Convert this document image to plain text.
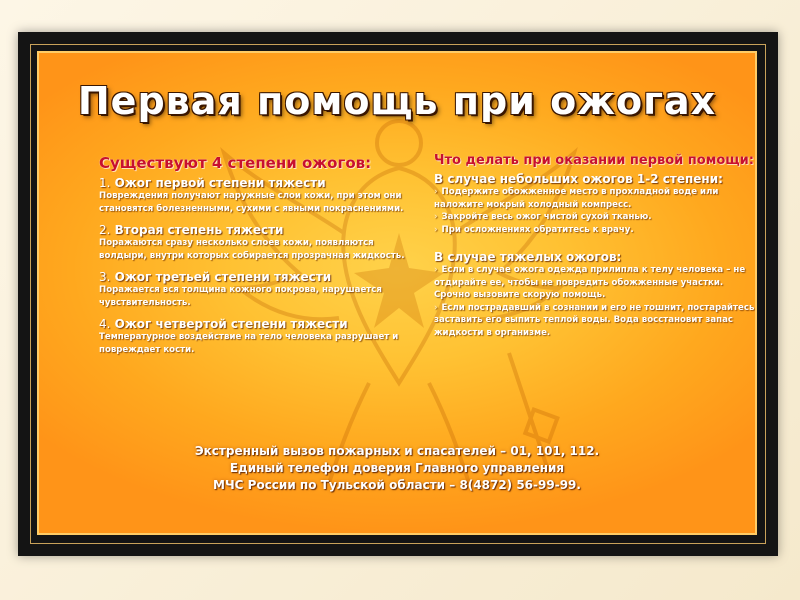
Первая помощь при ожогах
Существуют 4 степени ожогов:
1. Ожог первой степени тяжести
Повреждения получают наружные слои кожи, при этом они становятся болезненными, сухими с явными покраснениями.
2. Вторая степень тяжести
Поражаются сразу несколько слоев кожи, появляются волдыри, внутри которых собирается прозрачная жидкость.
3. Ожог третьей степени тяжести
Поражается вся толщина кожного покрова, нарушается чувствительность.
4. Ожог четвертой степени тяжести
Температурное воздействие на тело человека разрушает и повреждает кости.
Что делать при оказании первой помощи:
В случае небольших ожогов 1-2 степени:
› Подержите обожженное место в прохладной воде или наложите мокрый холодный компресс.
› Закройте весь ожог чистой сухой тканью.
› При осложнениях обратитесь к врачу.
В случае тяжелых ожогов:
› Если в случае ожога одежда прилипла к телу человека – не отдирайте ее, чтобы не повредить обожженные участки. Срочно вызовите скорую помощь.
› Если пострадавший в сознании и его не тошнит, постарайтесь заставить его выпить теплой воды. Вода восстановит запас жидкости в организме.
Экстренный вызов пожарных и спасателей – 01, 101, 112.
Единый телефон доверия Главного управления
МЧС России по Тульской области – 8(4872) 56-99-99.
